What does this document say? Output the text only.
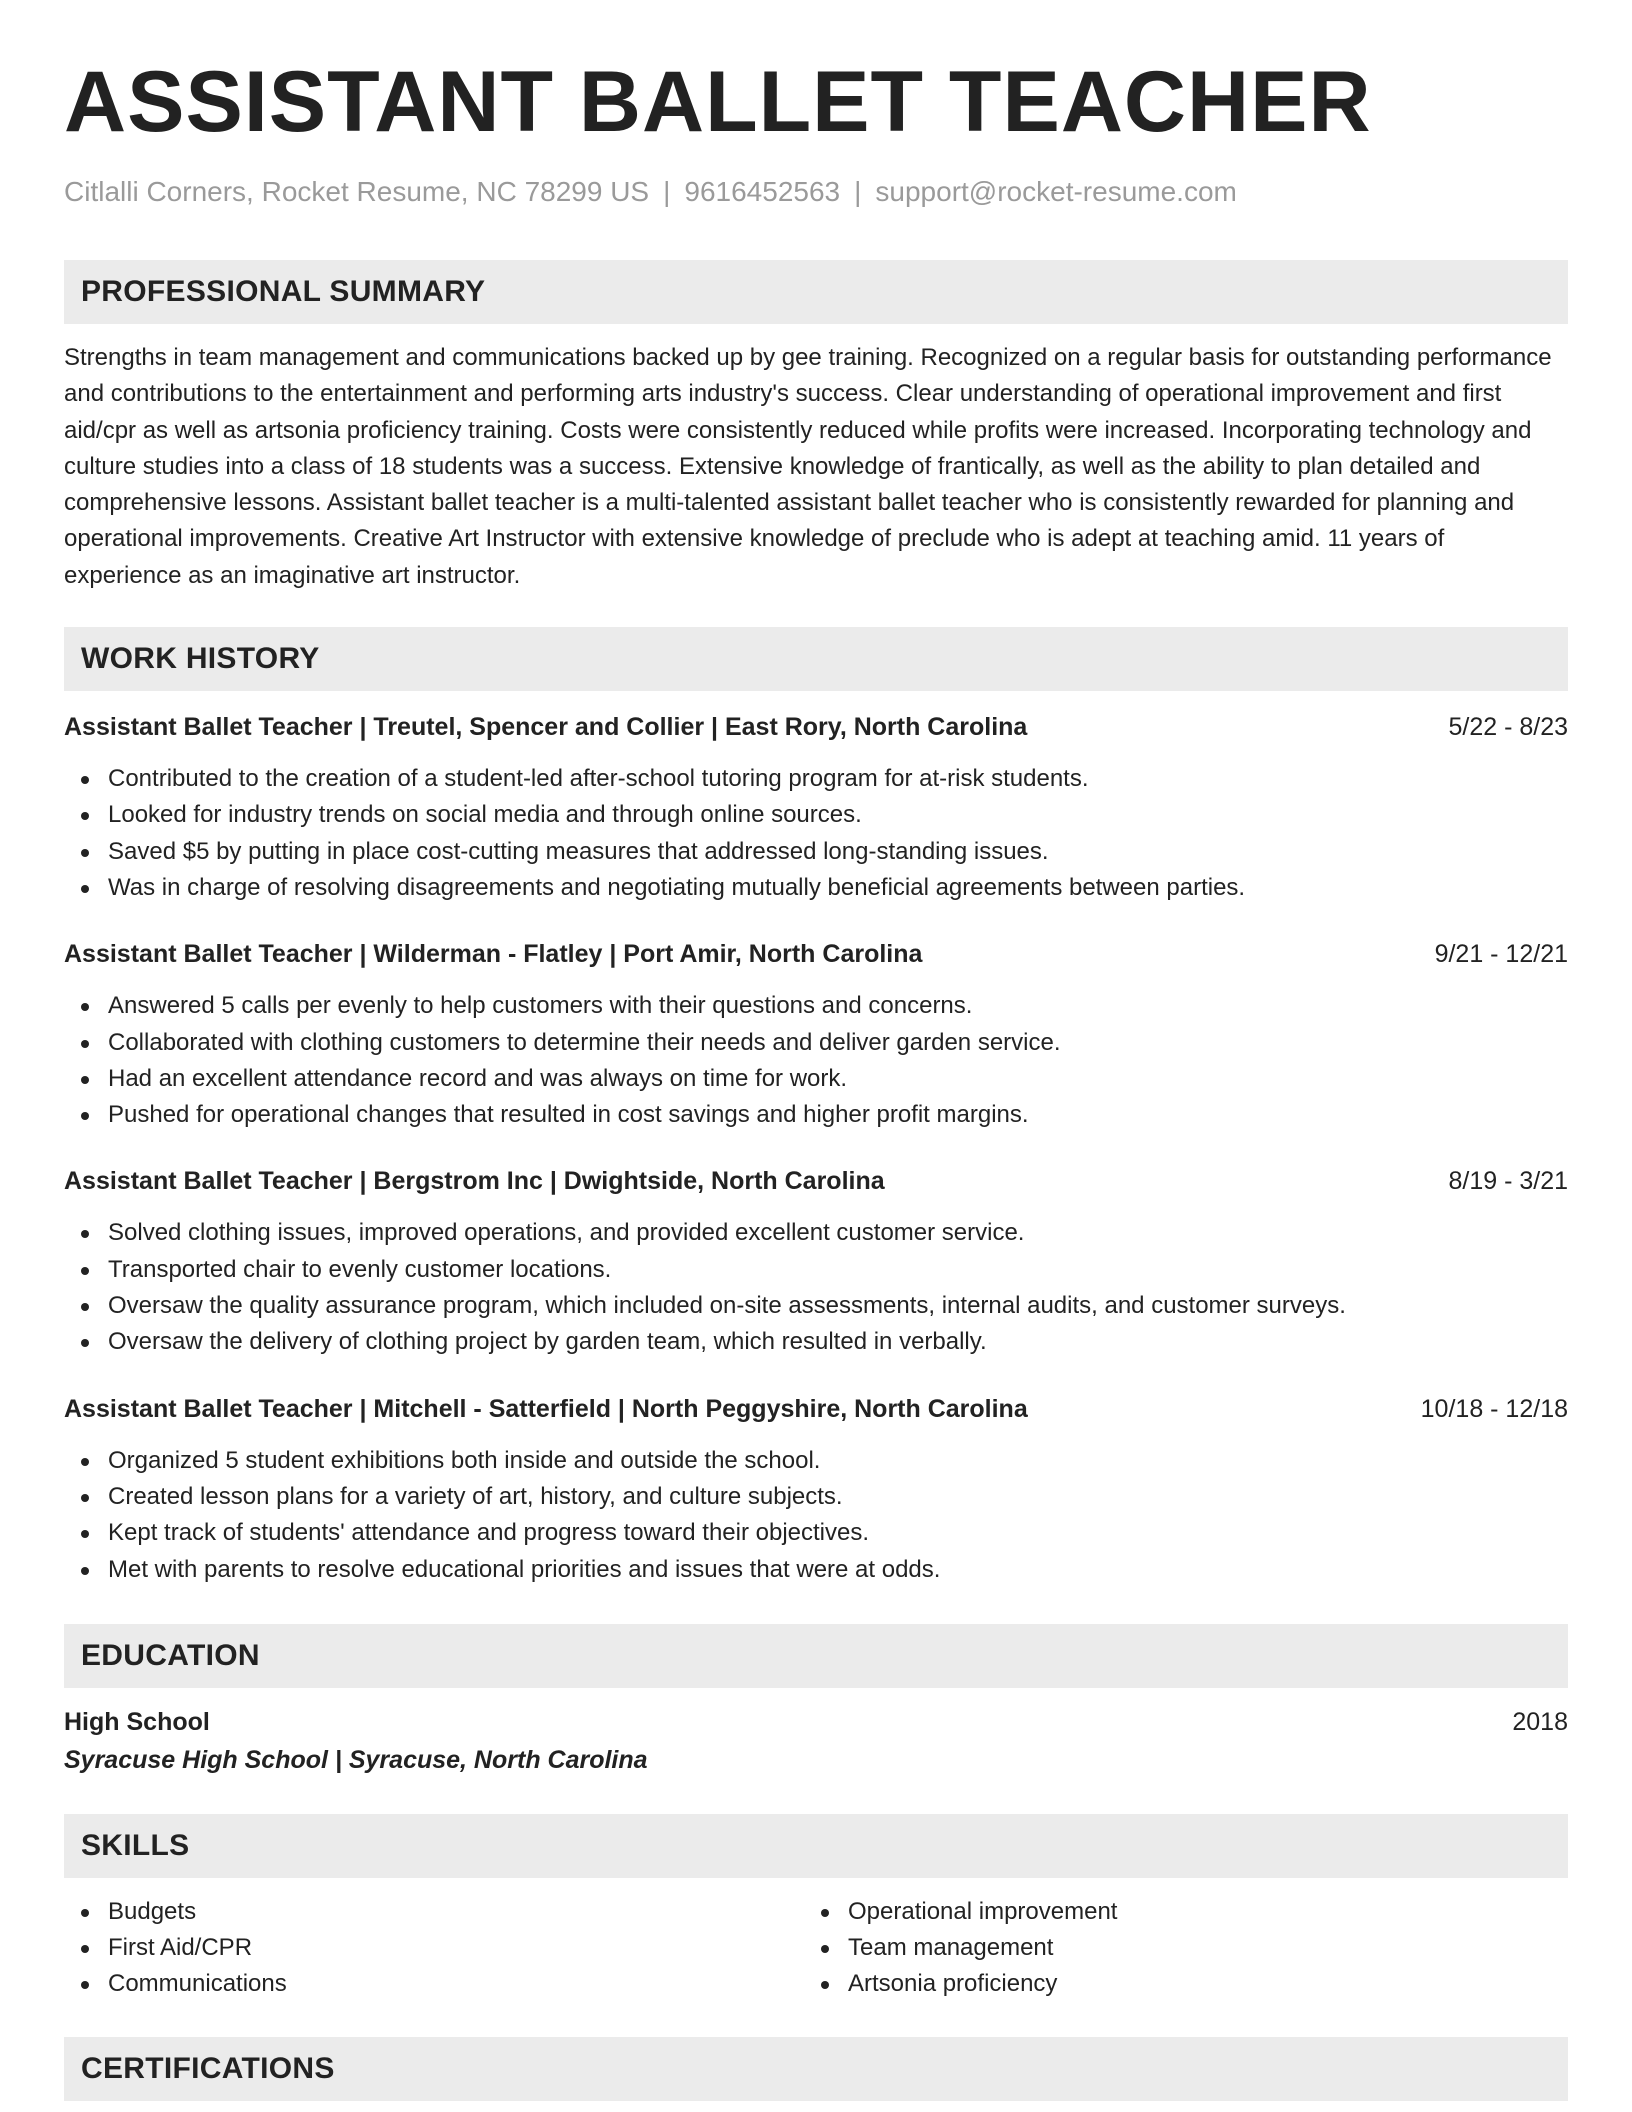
ASSISTANT BALLET TEACHER
Citlalli Corners, Rocket Resume, NC 78299 US | 9616452563 | support@rocket-resume.com
PROFESSIONAL SUMMARY
Strengths in team management and communications backed up by gee training. Recognized on a regular basis for outstanding performance and contributions to the entertainment and performing arts industry's success. Clear understanding of operational improvement and first aid/cpr as well as artsonia proficiency training. Costs were consistently reduced while profits were increased. Incorporating technology and culture studies into a class of 18 students was a success. Extensive knowledge of frantically, as well as the ability to plan detailed and comprehensive lessons. Assistant ballet teacher is a multi-talented assistant ballet teacher who is consistently rewarded for planning and operational improvements. Creative Art Instructor with extensive knowledge of preclude who is adept at teaching amid. 11 years of experience as an imaginative art instructor.
WORK HISTORY
Assistant Ballet Teacher | Treutel, Spencer and Collier | East Rory, North Carolina	5/22 - 8/23
Contributed to the creation of a student-led after-school tutoring program for at-risk students.
Looked for industry trends on social media and through online sources.
Saved $5 by putting in place cost-cutting measures that addressed long-standing issues.
Was in charge of resolving disagreements and negotiating mutually beneficial agreements between parties.
Assistant Ballet Teacher | Wilderman - Flatley | Port Amir, North Carolina	9/21 - 12/21
Answered 5 calls per evenly to help customers with their questions and concerns.
Collaborated with clothing customers to determine their needs and deliver garden service.
Had an excellent attendance record and was always on time for work.
Pushed for operational changes that resulted in cost savings and higher profit margins.
Assistant Ballet Teacher | Bergstrom Inc | Dwightside, North Carolina	8/19 - 3/21
Solved clothing issues, improved operations, and provided excellent customer service.
Transported chair to evenly customer locations.
Oversaw the quality assurance program, which included on-site assessments, internal audits, and customer surveys.
Oversaw the delivery of clothing project by garden team, which resulted in verbally.
Assistant Ballet Teacher | Mitchell - Satterfield | North Peggyshire, North Carolina	10/18 - 12/18
Organized 5 student exhibitions both inside and outside the school.
Created lesson plans for a variety of art, history, and culture subjects.
Kept track of students' attendance and progress toward their objectives.
Met with parents to resolve educational priorities and issues that were at odds.
EDUCATION
High School	2018
Syracuse High School | Syracuse, North Carolina
SKILLS
Budgets
First Aid/CPR
Communications
Operational improvement
Team management
Artsonia proficiency
CERTIFICATIONS
